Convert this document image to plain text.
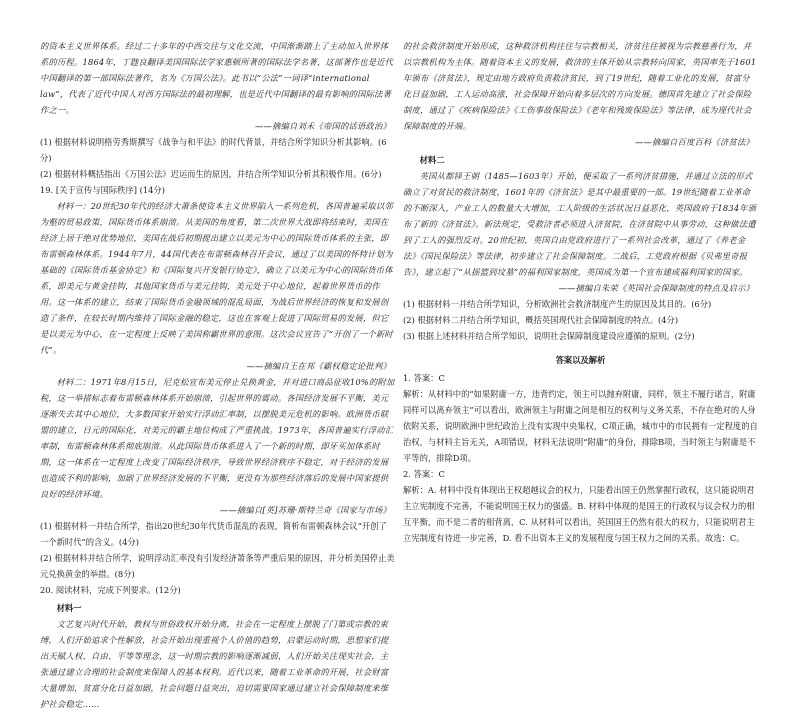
的资本主义世界体系。经过二十多年的中西交往与文化交流，中国渐渐踏上了主动加入世界体系的历程。1864年，丁韪良翻译美国国际法学家惠顿所著的国际法学名著，这部著作也是近代中国翻译的第一部国际法著作，名为《万国公法》。此书以“公法”一词译“international law”，代表了近代中国人对西方国际法的最初理解，也是近代中国翻译的最有影响的国际法著作之一。

——摘编自刘禾《帝国的话语政治》

(1) 根据材料说明格劳秀斯撰写《战争与和平法》的时代背景，并结合所学知识分析其影响。(6分)

(2) 根据材料概括指出《万国公法》迟运而生的原因，并结合所学知识分析其积极作用。(6分)

19. [关于宣传与国际秩序] (14分)

材料一：20世纪30年代的经济大萧条使资本主义世界陷入一系列危机，各国普遍采取以邻为壑的贸易政策，国际货币体系崩溃。从美国的角度看，第二次世界大战即将结束时，美国在经济上居于绝对优势地位，美国在战后初期提出建立以美元为中心的国际货币体系的主张，即布雷顿森林体系。1944年7月，44国代表在布雷顿森林召开会议，通过了以美国的怀特计划为基础的《国际货币基金协定》和《国际复兴开发银行协定》，确立了以美元为中心的国际货币体系，即美元与黄金挂钩，其他国家货币与美元挂钩，美元处于中心地位，起着世界货币的作用。这一体系的建立，结束了国际货币金融领域的混乱局面，为战后世界经济的恢复和发展创造了条件，在较长时期内维持了国际金融的稳定，这也在客观上促进了国际贸易的发展，但它是以美元为中心，在一定程度上反映了美国称霸世界的意图。这次会议宣告了“开创了一个新时代”。

——摘编自王在邦《霸权稳定论批判》

材料二：1971年8月15日，尼克松宣布美元停止兑换黄金，并对进口商品征收10%的附加税，这一举措标志着布雷顿森林体系开始崩溃，引起世界的震动。各国经济发展不平衡，美元逐渐失去其中心地位，大多数国家开始实行浮动汇率制，以摆脱美元危机的影响。欧洲货币联盟的建立，日元的国际化，对美元的霸主地位构成了严重挑战。1973年，各国普遍实行浮动汇率制，布雷顿森林体系彻底崩溃。从此国际货币体系进入了一个新的时期，即牙买加体系时期，这一体系在一定程度上改变了国际经济秩序，导致世界经济秩序不稳定，对于经济的发展也造成不利的影响，加剧了世界经济发展的不平衡，更没有为那些经济落后的发展中国家提供良好的经济环境。

——摘编自[英]苏珊·斯特兰奇《国家与市场》

(1) 根据材料一并结合所学，指出20世纪30年代货币混乱的表现，简析布雷顿森林会议“开创了一个新时代”的含义。(4分)

(2) 根据材料并结合所学，说明浮动汇率没有引发经济萧条等严重后果的原因，并分析美国停止美元兑换黄金的举措。(8分)

20. 阅读材料，完成下列要求。(12分)

材料一

文艺复兴时代开始，教权与世俗政权开始分离，社会在一定程度上摆脱了门第或宗教的束缚，人们开始追求个性解放，社会开始出现重视个人价值的趋势，启蒙运动时期，思想家们提出天赋人权、自由、平等等理念，这一时期宗教的影响逐渐减弱，人们开始关注现实社会，主张通过建立合理的社会制度来保障人的基本权利。近代以来，随着工业革命的开展，社会财富大量增加，贫富分化日益加剧，社会问题日益突出，迫切需要国家通过建立社会保障制度来维护社会稳定……

的社会救济制度开始形成，这种救济机构往往与宗教相关，济贫往往被视为宗教慈善行为，并以宗教机构为主体。随着资本主义的发展，救济的主体开始从宗教转向国家，英国率先于1601年颁布《济贫法》，规定由地方政府负责救济贫民，到了19世纪，随着工业化的发展，贫富分化日益加剧，工人运动高涨，社会保障开始向着多层次的方向发展。德国首先建立了社会保险制度，通过了《疾病保险法》《工伤事故保险法》《老年和残废保险法》等法律，成为现代社会保障制度的开端。

——摘编自百度百科《济贫法》

材料二

英国从都铎王朝（1485—1603年）开始，便采取了一系列济贫措施，并通过立法的形式确立了对贫民的救济制度，1601年的《济贫法》是其中最重要的一部。19世纪随着工业革命的不断深入，产业工人的数量大大增加，工人阶级的生活状况日益恶化，英国政府于1834年颁布了新的《济贫法》。新法规定，受救济者必须进入济贫院，在济贫院中从事劳动，这种做法遭到了工人的强烈反对。20世纪初，英国自由党政府进行了一系列社会改革，通过了《养老金法》《国民保险法》等法律，初步建立了社会保障制度。二战后，工党政府根据《贝弗里奇报告》，建立起了“从摇篮到坟墓”的福利国家制度，英国成为第一个宣布建成福利国家的国家。

——摘编自朱荣《英国社会保障制度的特点及启示》

(1) 根据材料一并结合所学知识，分析欧洲社会救济制度产生的原因及其目的。(6分)

(2) 根据材料二并结合所学知识，概括英国现代社会保障制度的特点。(4分)

(3) 根据上述材料并结合所学知识，说明社会保障制度建设应遵循的原则。(2分)

答案以及解析

1. 答案：C

解析：从材料中的“如果附庸一方，违背约定，领主可以抛弃附庸，同样，领主不履行诺言，附庸同样可以离弃领主”可以看出，欧洲领主与附庸之间是相互的权利与义务关系，不存在绝对的人身依附关系，说明欧洲中世纪政治上没有实现中央集权，C项正确，城市中的市民拥有一定程度的自治权，与材料主旨无关，A项错误，材料无法说明“附庸”的身份，排除B项，当时领主与附庸是不平等的，排除D项。

2. 答案：C

解析：A. 材料中没有体现出王权超越议会的权力，只能看出国王仍然掌握行政权，这只能说明君主立宪制度不完善，不能说明国王权力的强盛。B. 材料中体现的是国王的行政权与议会权力的相互平衡，而不是二者的相背离，C. 从材料可以看出，英国国王仍然有很大的权力，只能说明君主立宪制度有待进一步完善，D. 看不出资本主义的发展程度与国王权力之间的关系。故选：C。
